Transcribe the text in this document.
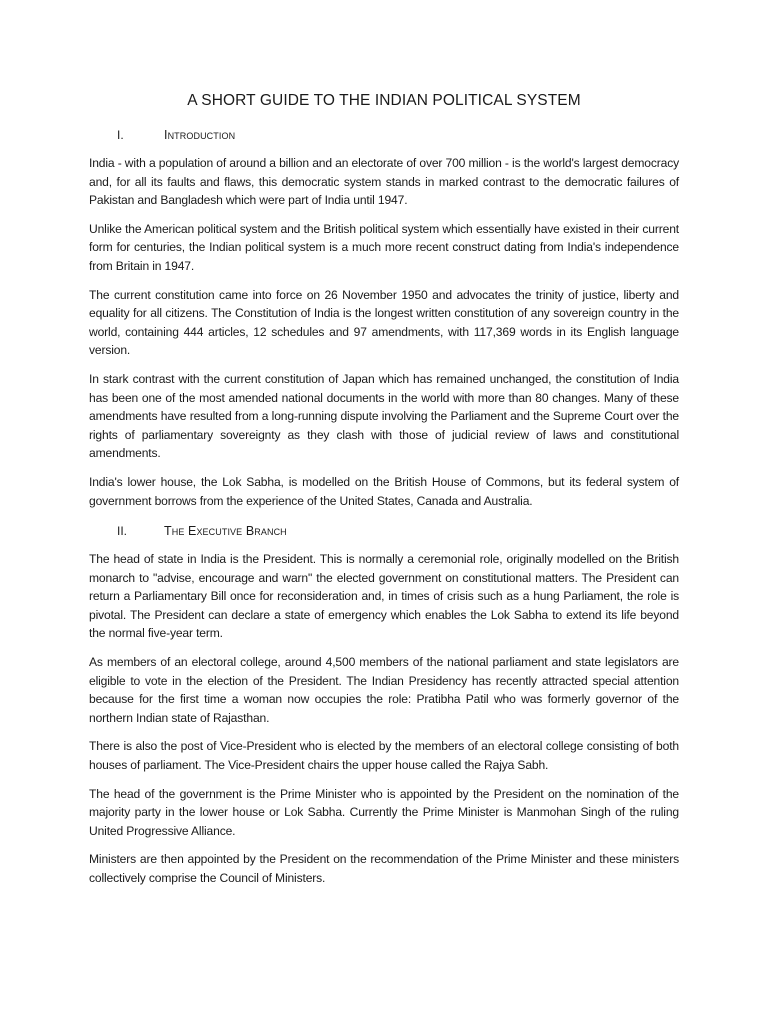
A SHORT GUIDE TO THE INDIAN POLITICAL SYSTEM
I.	Introduction

India - with a population of around a billion and an electorate of over 700 million - is the world's largest democracy and, for all its faults and flaws, this democratic system stands in marked contrast to the democratic failures of Pakistan and Bangladesh which were part of India until 1947.

Unlike the American political system and the British political system which essentially have existed in their current form for centuries, the Indian political system is a much more recent construct dating from India's independence from Britain in 1947.

The current constitution came into force on 26 November 1950 and advocates the trinity of justice, liberty and equality for all citizens. The Constitution of India is the longest written constitution of any sovereign country in the world, containing 444 articles, 12 schedules and 97 amendments, with 117,369 words in its English language version.

In stark contrast with the current constitution of Japan which has remained unchanged, the constitution of India has been one of the most amended national documents in the world with more than 80 changes. Many of these amendments have resulted from a long-running dispute involving the Parliament and the Supreme Court over the rights of parliamentary sovereignty as they clash with those of judicial review of laws and constitutional amendments.

India's lower house, the Lok Sabha, is modelled on the British House of Commons, but its federal system of government borrows from the experience of the United States, Canada and Australia.

II.	The Executive Branch

The head of state in India is the President. This is normally a ceremonial role, originally modelled on the British monarch to "advise, encourage and warn" the elected government on constitutional matters. The President can return a Parliamentary Bill once for reconsideration and, in times of crisis such as a hung Parliament, the role is pivotal. The President can declare a state of emergency which enables the Lok Sabha to extend its life beyond the normal five-year term.

As members of an electoral college, around 4,500 members of the national parliament and state legislators are eligible to vote in the election of the President. The Indian Presidency has recently attracted special attention because for the first time a woman now occupies the role: Pratibha Patil who was formerly governor of the northern Indian state of Rajasthan.

There is also the post of Vice-President who is elected by the members of an electoral college consisting of both houses of parliament. The Vice-President chairs the upper house called the Rajya Sabh.

The head of the government is the Prime Minister who is appointed by the President on the nomination of the majority party in the lower house or Lok Sabha. Currently the Prime Minister is Manmohan Singh of the ruling United Progressive Alliance.

Ministers are then appointed by the President on the recommendation of the Prime Minister and these ministers collectively comprise the Council of Ministers.
